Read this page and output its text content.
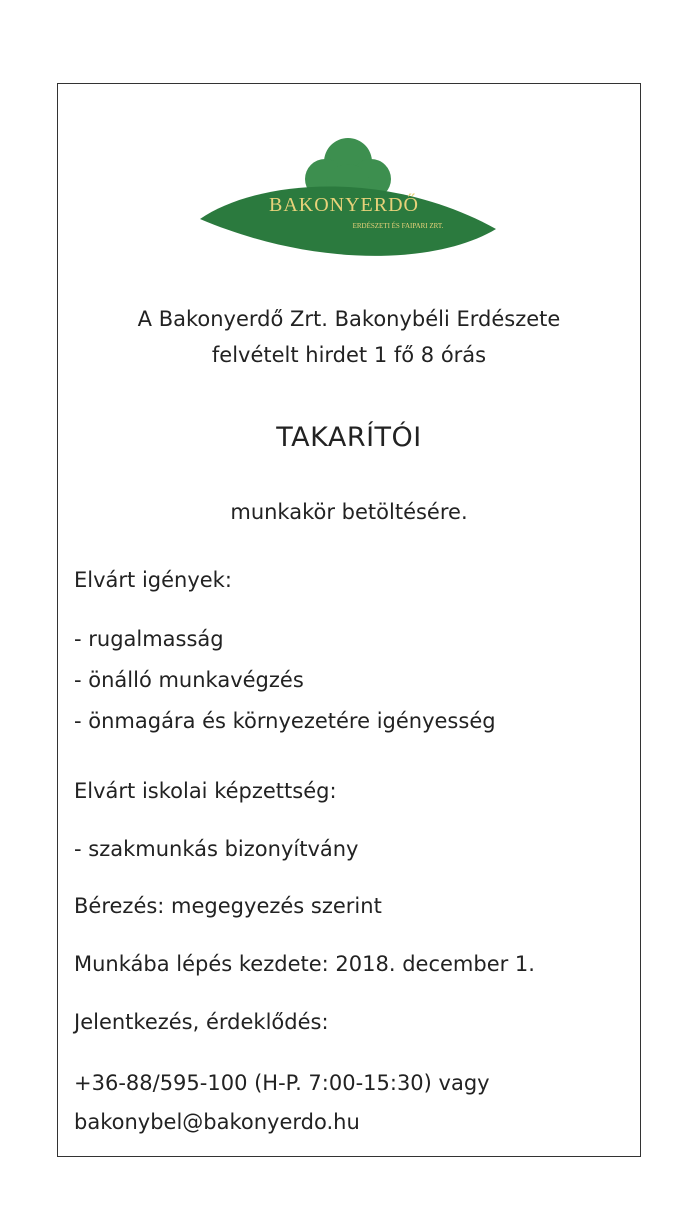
BAKONYERDŐ
ERDÉSZETI ÉS FAIPARI ZRT.
A Bakonyerdő Zrt. Bakonybéli Erdészete
felvételt hirdet 1 fő 8 órás
TAKARÍTÓI
munkakör betöltésére.
Elvárt igények:
- rugalmasság
- önálló munkavégzés
- önmagára és környezetére igényesség
Elvárt iskolai képzettség:
- szakmunkás bizonyítvány
Bérezés: megegyezés szerint
Munkába lépés kezdete: 2018. december 1.
Jelentkezés, érdeklődés:
+36-88/595-100 (H-P. 7:00-15:30) vagy
bakonybel@bakonyerdo.hu
